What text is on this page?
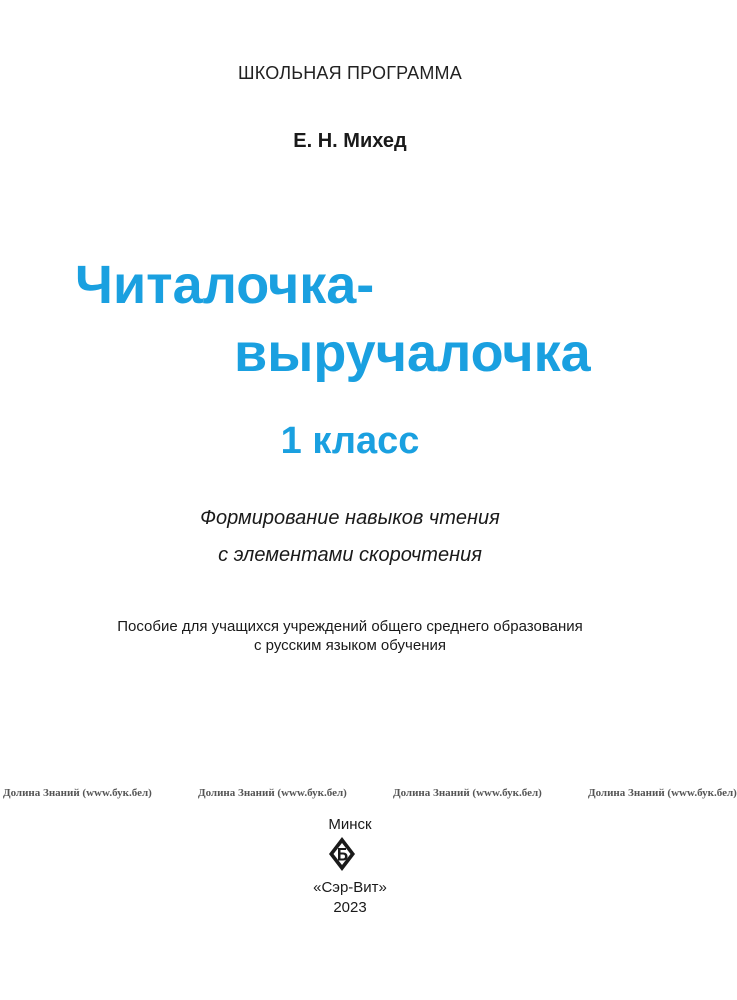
ШКОЛЬНАЯ ПРОГРАММА
Е. Н. Михед
Читалочка-
выручалочка
1 класс
Формирование навыков чтения
с элементами скорочтения
Пособие для учащихся учреждений общего среднего образования
с русским языком обучения
Долина Знаний (www.бук.бел)	Долина Знаний (www.бук.бел)	Долина Знаний (www.бук.бел)	Долина Знаний (www.бук.бел)
Минск
«Сэр-Вит»
2023
